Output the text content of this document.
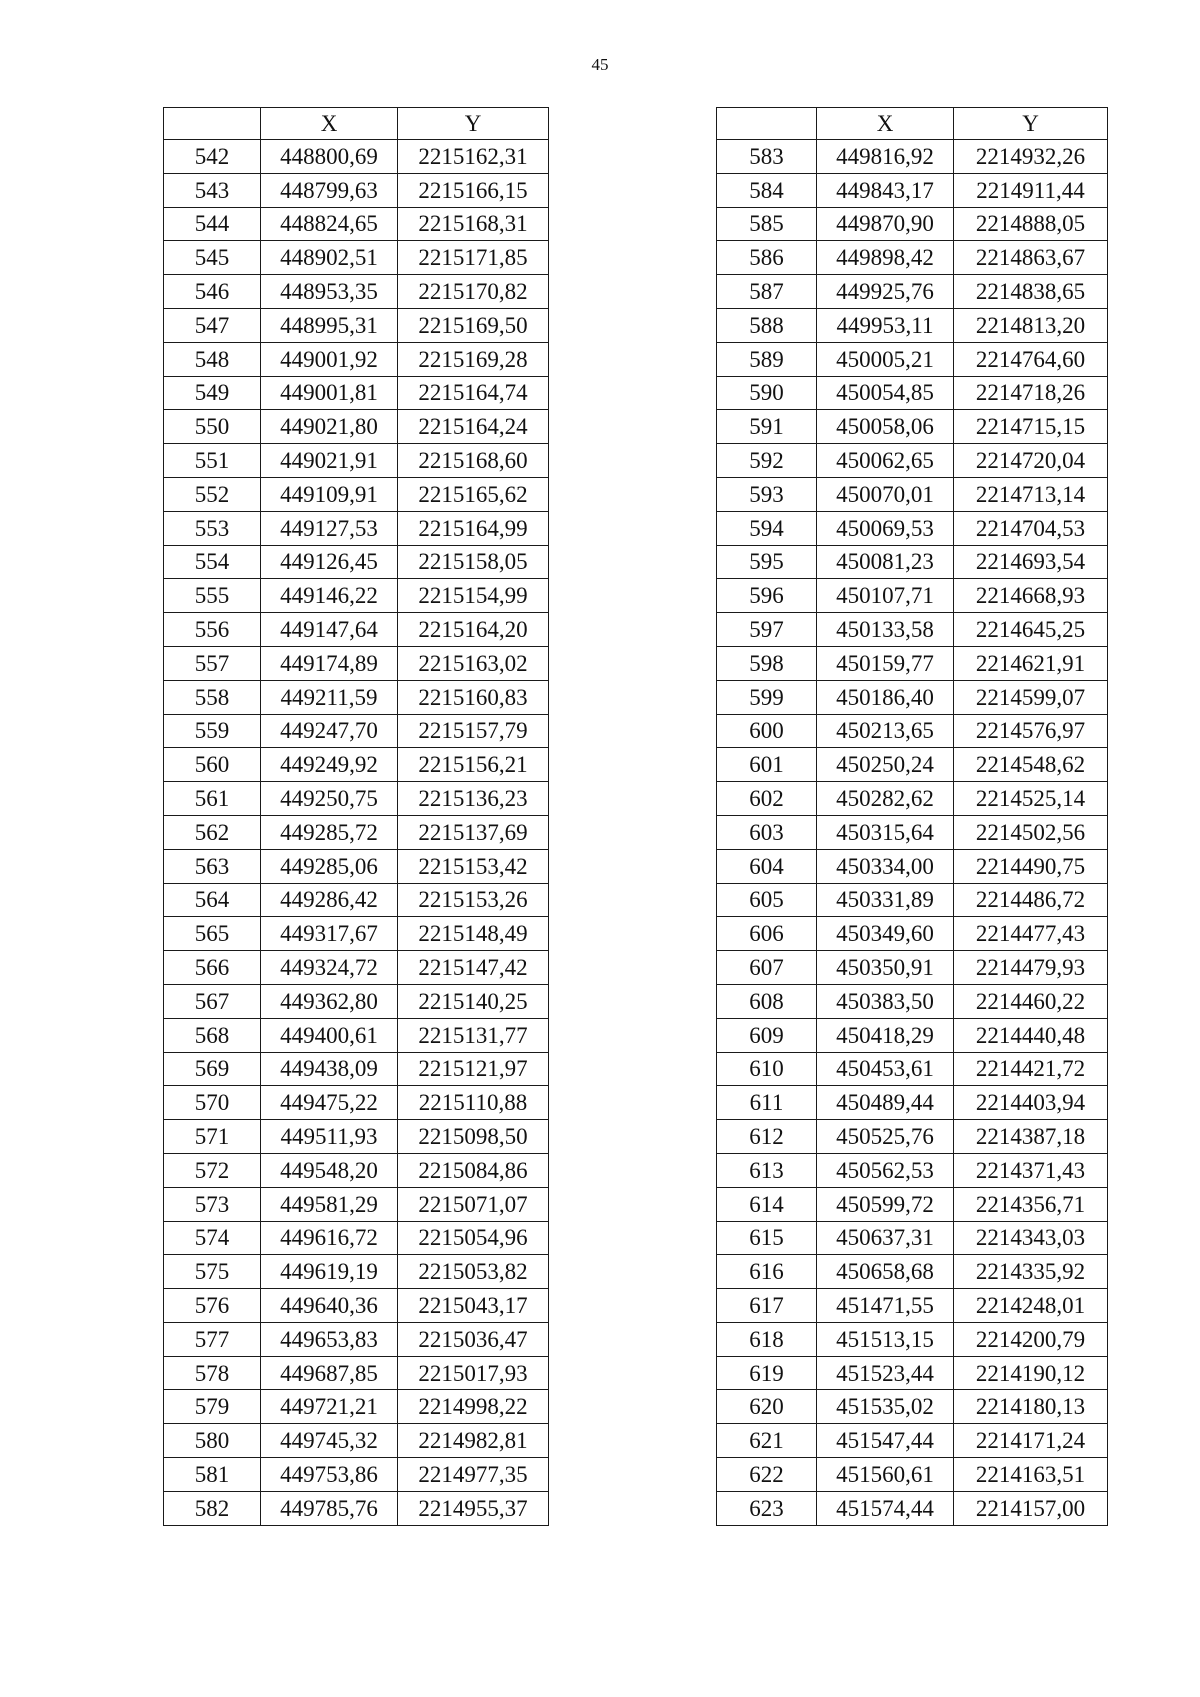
45
	X	Y
542	448800,69	2215162,31
543	448799,63	2215166,15
544	448824,65	2215168,31
545	448902,51	2215171,85
546	448953,35	2215170,82
547	448995,31	2215169,50
548	449001,92	2215169,28
549	449001,81	2215164,74
550	449021,80	2215164,24
551	449021,91	2215168,60
552	449109,91	2215165,62
553	449127,53	2215164,99
554	449126,45	2215158,05
555	449146,22	2215154,99
556	449147,64	2215164,20
557	449174,89	2215163,02
558	449211,59	2215160,83
559	449247,70	2215157,79
560	449249,92	2215156,21
561	449250,75	2215136,23
562	449285,72	2215137,69
563	449285,06	2215153,42
564	449286,42	2215153,26
565	449317,67	2215148,49
566	449324,72	2215147,42
567	449362,80	2215140,25
568	449400,61	2215131,77
569	449438,09	2215121,97
570	449475,22	2215110,88
571	449511,93	2215098,50
572	449548,20	2215084,86
573	449581,29	2215071,07
574	449616,72	2215054,96
575	449619,19	2215053,82
576	449640,36	2215043,17
577	449653,83	2215036,47
578	449687,85	2215017,93
579	449721,21	2214998,22
580	449745,32	2214982,81
581	449753,86	2214977,35
582	449785,76	2214955,37
	X	Y
583	449816,92	2214932,26
584	449843,17	2214911,44
585	449870,90	2214888,05
586	449898,42	2214863,67
587	449925,76	2214838,65
588	449953,11	2214813,20
589	450005,21	2214764,60
590	450054,85	2214718,26
591	450058,06	2214715,15
592	450062,65	2214720,04
593	450070,01	2214713,14
594	450069,53	2214704,53
595	450081,23	2214693,54
596	450107,71	2214668,93
597	450133,58	2214645,25
598	450159,77	2214621,91
599	450186,40	2214599,07
600	450213,65	2214576,97
601	450250,24	2214548,62
602	450282,62	2214525,14
603	450315,64	2214502,56
604	450334,00	2214490,75
605	450331,89	2214486,72
606	450349,60	2214477,43
607	450350,91	2214479,93
608	450383,50	2214460,22
609	450418,29	2214440,48
610	450453,61	2214421,72
611	450489,44	2214403,94
612	450525,76	2214387,18
613	450562,53	2214371,43
614	450599,72	2214356,71
615	450637,31	2214343,03
616	450658,68	2214335,92
617	451471,55	2214248,01
618	451513,15	2214200,79
619	451523,44	2214190,12
620	451535,02	2214180,13
621	451547,44	2214171,24
622	451560,61	2214163,51
623	451574,44	2214157,00
